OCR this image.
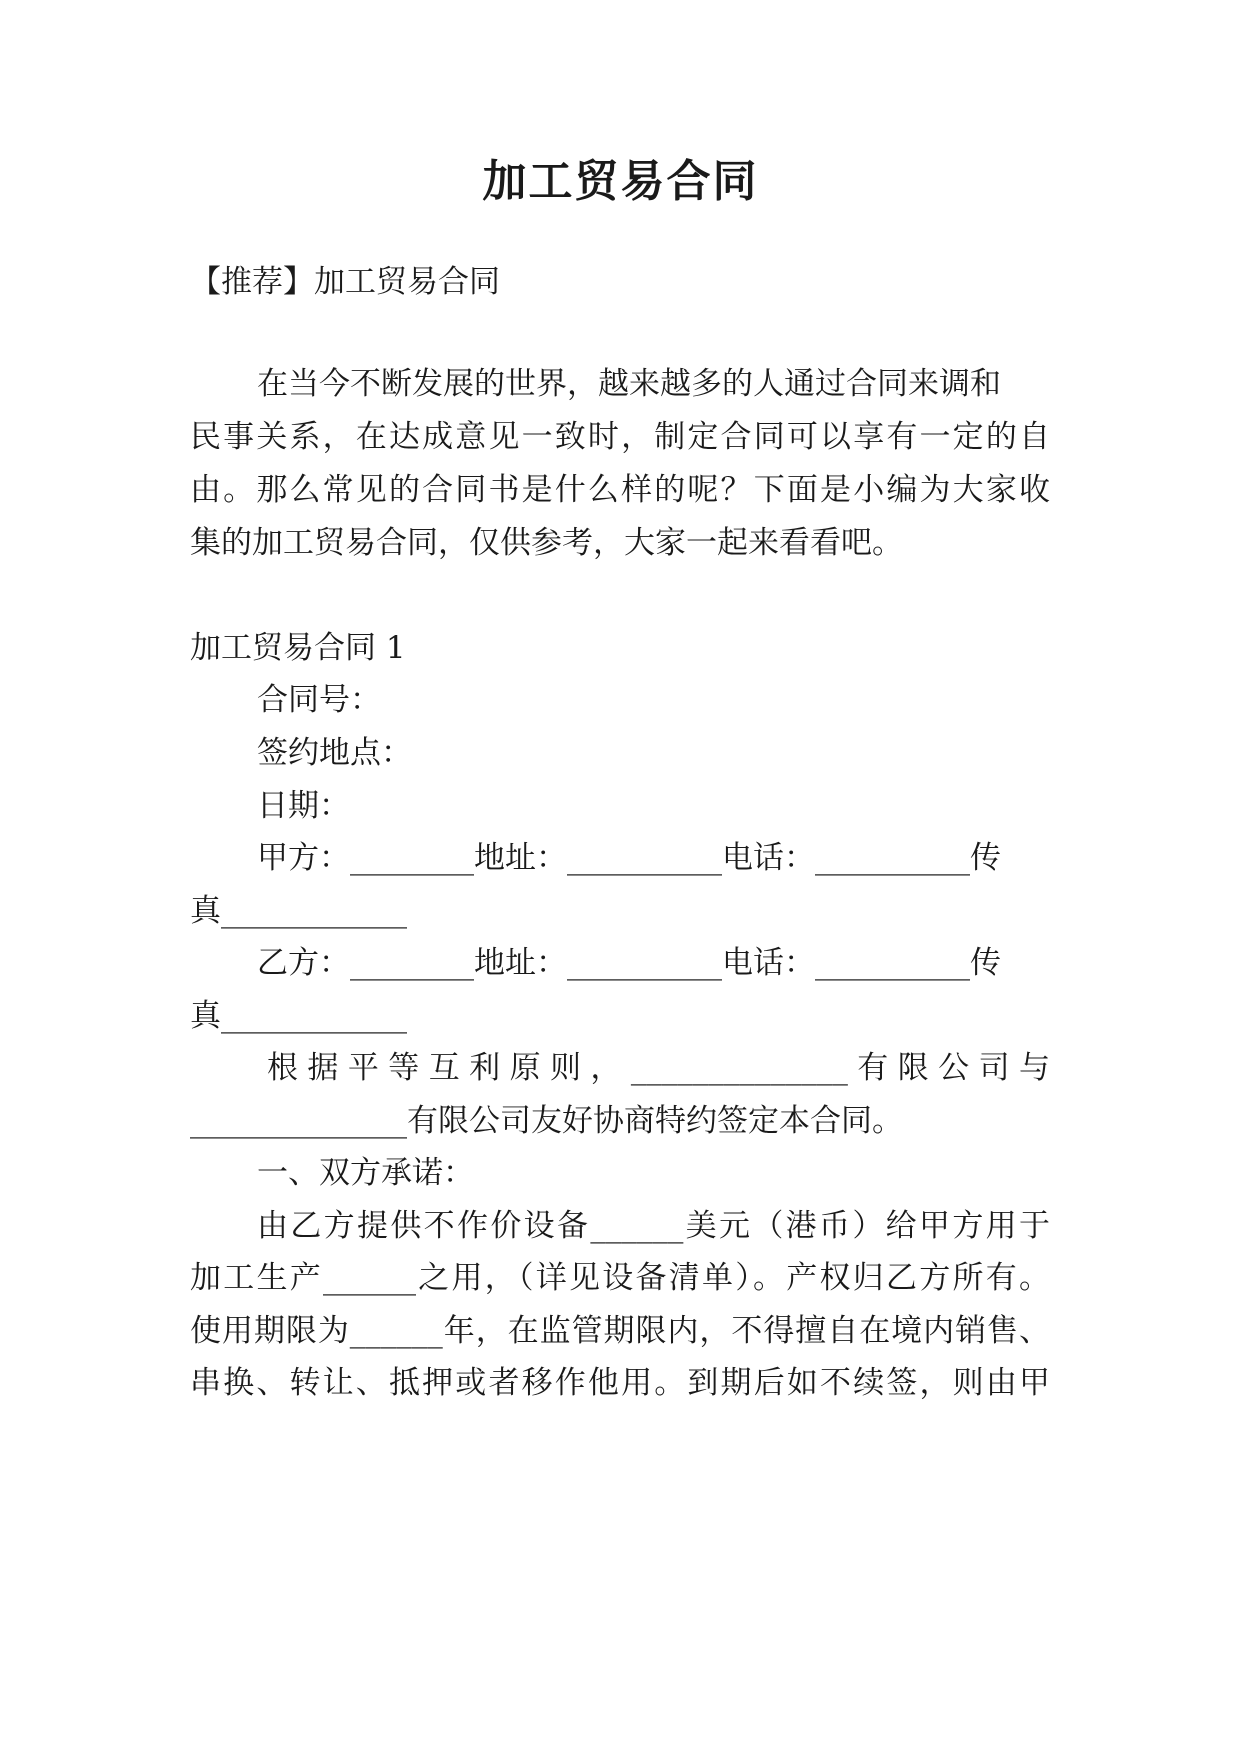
加工贸易合同
【推荐】加工贸易合同
在当今不断发展的世界，越来越多的人通过合同来调和
民事关系，在达成意见一致时，制定合同可以享有一定的自
由。那么常见的合同书是什么样的呢？下面是小编为大家收
集的加工贸易合同，仅供参考，大家一起来看看吧。
加工贸易合同 1
合同号：
签约地点：
日期：
甲方：________地址：__________电话：__________传
真____________
乙方：________地址：__________电话：__________传
真____________
根据平等互利原则，______________有限公司与
______________有限公司友好协商特约签定本合同。
一、双方承诺：
由乙方提供不作价设备______美元（港币）给甲方用于
加工生产______之用，（详见设备清单）。产权归乙方所有。
使用期限为______年，在监管期限内，不得擅自在境内销售、
串换、转让、抵押或者移作他用。到期后如不续签，则由甲
